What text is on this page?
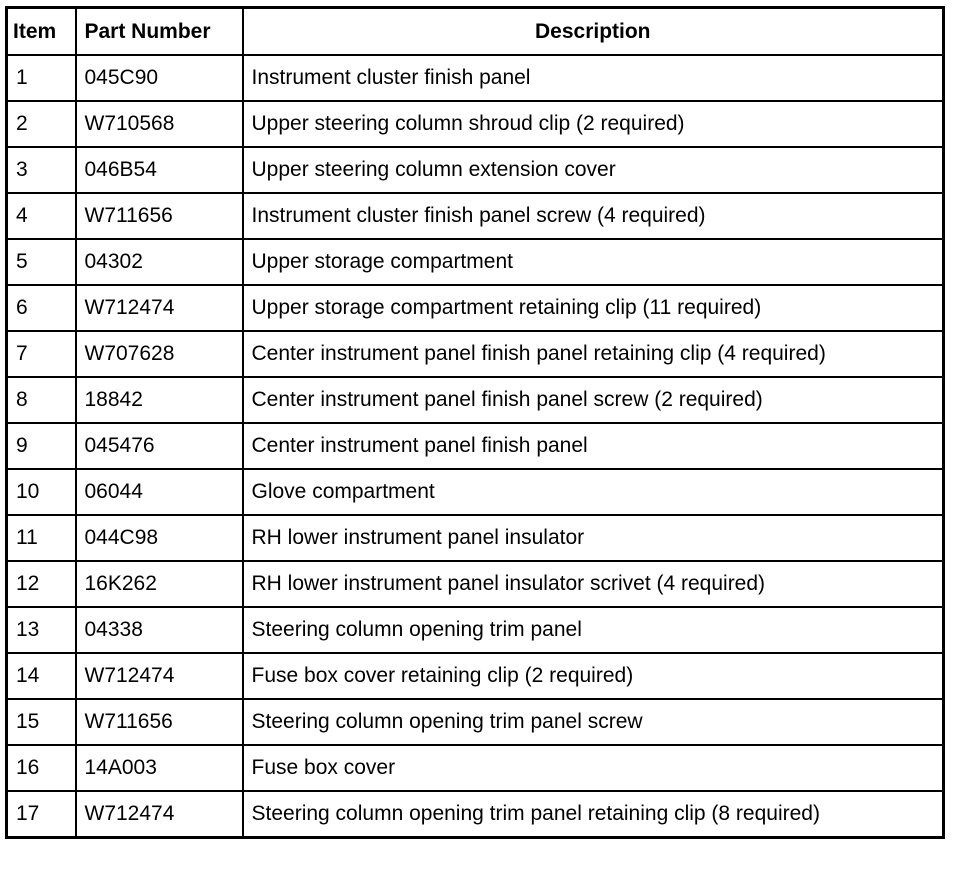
Item	Part Number	Description
1	045C90	Instrument cluster finish panel
2	W710568	Upper steering column shroud clip (2 required)
3	046B54	Upper steering column extension cover
4	W711656	Instrument cluster finish panel screw (4 required)
5	04302	Upper storage compartment
6	W712474	Upper storage compartment retaining clip (11 required)
7	W707628	Center instrument panel finish panel retaining clip (4 required)
8	18842	Center instrument panel finish panel screw (2 required)
9	045476	Center instrument panel finish panel
10	06044	Glove compartment
11	044C98	RH lower instrument panel insulator
12	16K262	RH lower instrument panel insulator scrivet (4 required)
13	04338	Steering column opening trim panel
14	W712474	Fuse box cover retaining clip (2 required)
15	W711656	Steering column opening trim panel screw
16	14A003	Fuse box cover
17	W712474	Steering column opening trim panel retaining clip (8 required)
